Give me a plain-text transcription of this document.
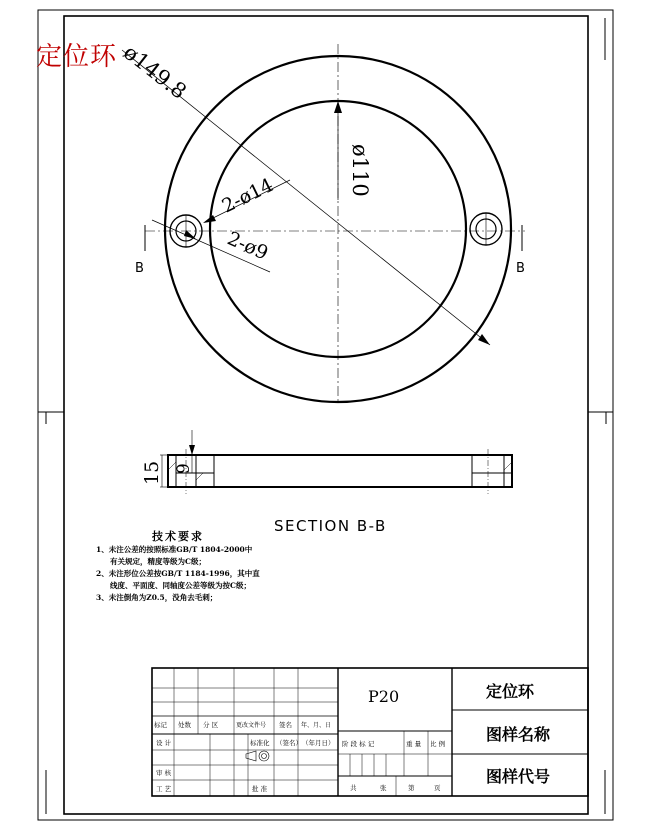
B	B
ø149.8
ø110
2-ø14
2-ø9
15 9
SECTION B-B
P20	定位环
图样名称
图样代号
标记 处数 分 区	更改文件号 签名 年、月、日
设 计	标准化 （签名） （年月日）
审 核
工 艺	批 准
阶 段 标 记	重 量 比 例
共	张	第	页
定位环
技术要求
1、未注公差的按照标准GB/T 1804-2000中
有关规定，精度等级为C级；
2、未注形位公差按GB/T 1184-1996，其中直
线度、平面度、同轴度公差等级为按C级；
3、未注倒角为Z0.5，没角去毛刺；
